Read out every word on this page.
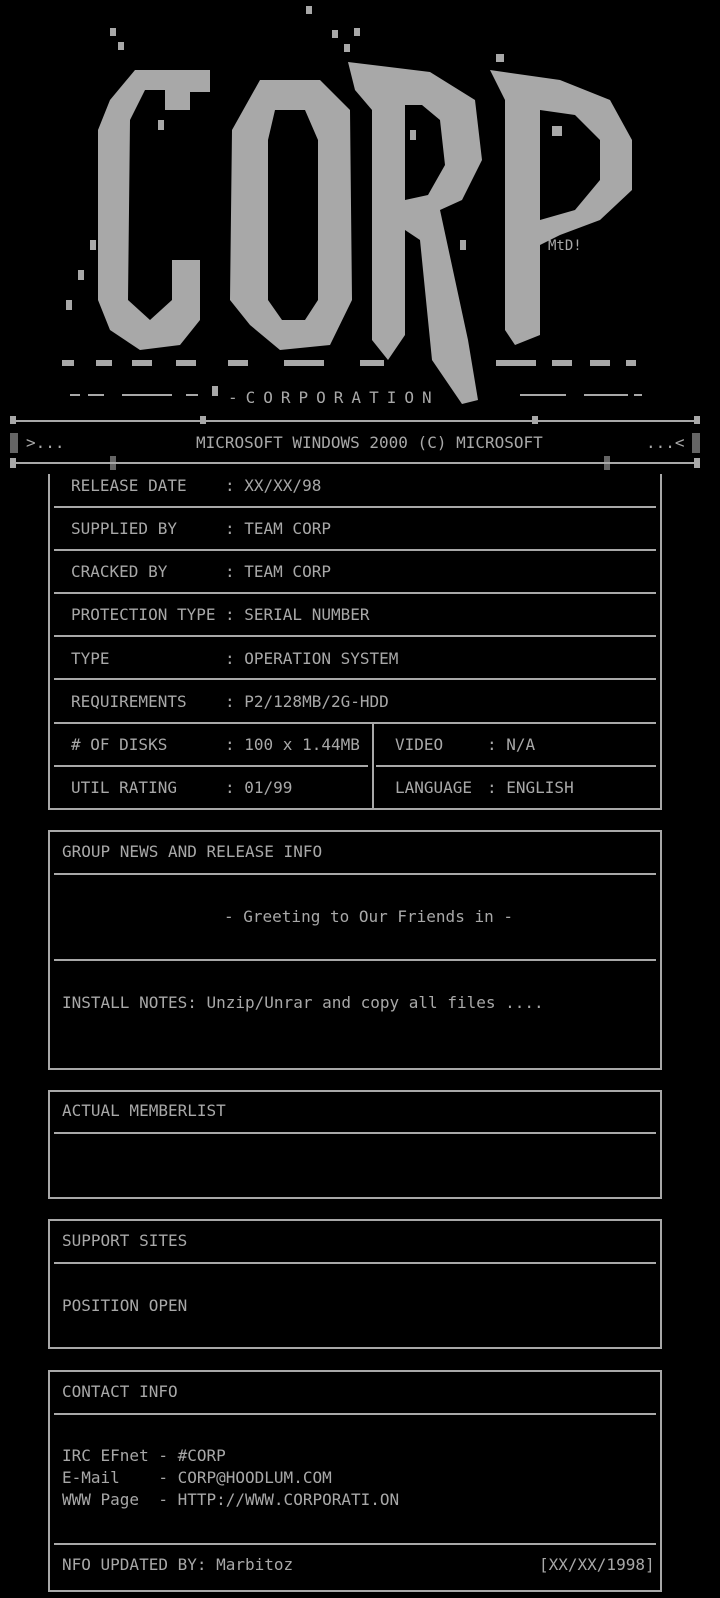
MtD!
-CORPORATION
>...	MICROSOFT WINDOWS 2000 (C) MICROSOFT	...<
RELEASE DATE : XX/XX/98
SUPPLIED BY	: TEAM CORP
CRACKED BY	: TEAM CORP
PROTECTION TYPE : SERIAL NUMBER
TYPE	: OPERATION SYSTEM
REQUIREMENTS : P2/128MB/2G-HDD
# OF DISKS	: 100 x 1.44MB VIDEO	: N/A
UTIL RATING	: 01/99	LANGUAGE : ENGLISH
GROUP NEWS AND RELEASE INFO
- Greeting to Our Friends in -
INSTALL NOTES: Unzip/Unrar and copy all files ....
ACTUAL MEMBERLIST
SUPPORT SITES
POSITION OPEN
CONTACT INFO
IRC EFnet - #CORP
E-Mail    - CORP@HOODLUM.COM
WWW Page  - HTTP://WWW.CORPORATI.ON
NFO UPDATED BY: Marbitoz	[XX/XX/1998]
